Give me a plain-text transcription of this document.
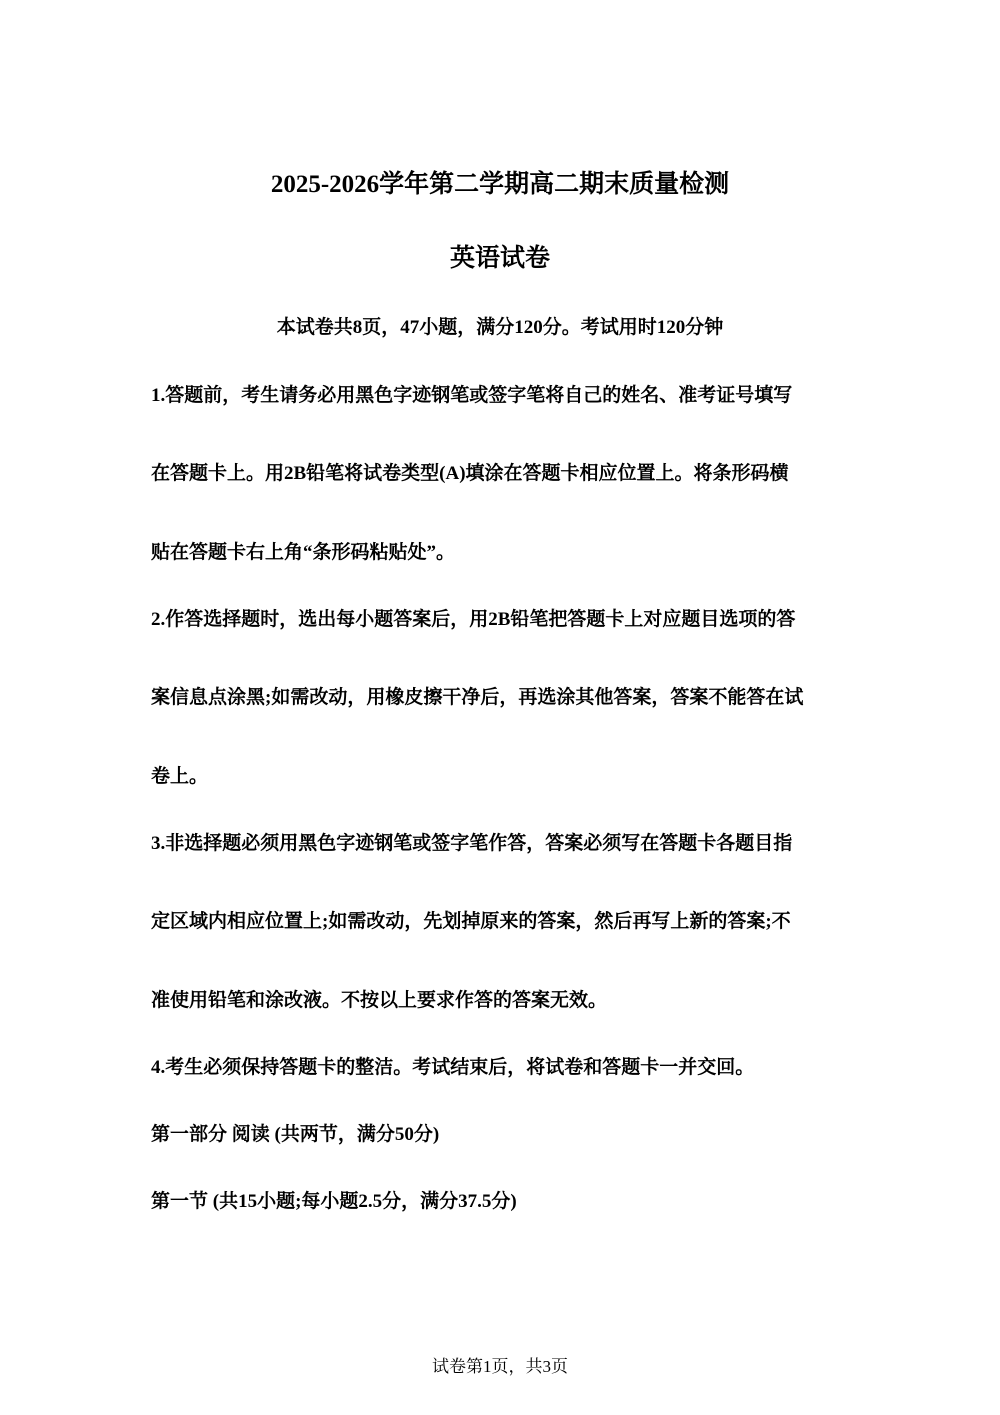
2025-2026学年第二学期高二期末质量检测
英语试卷
本试卷共8页，47小题，满分120分。考试用时120分钟
1.答题前，考生请务必用黑色字迹钢笔或签字笔将自己的姓名、准考证号填写
在答题卡上。用2B铅笔将试卷类型(A)填涂在答题卡相应位置上。将条形码横
贴在答题卡右上角“条形码粘贴处”。
2.作答选择题时，选出每小题答案后，用2B铅笔把答题卡上对应题目选项的答
案信息点涂黑;如需改动，用橡皮擦干净后，再选涂其他答案，答案不能答在试
卷上。
3.非选择题必须用黑色字迹钢笔或签字笔作答，答案必须写在答题卡各题目指
定区域内相应位置上;如需改动，先划掉原来的答案，然后再写上新的答案;不
准使用铅笔和涂改液。不按以上要求作答的答案无效。
4.考生必须保持答题卡的整洁。考试结束后，将试卷和答题卡一并交回。
第一部分 阅读 (共两节，满分50分)
第一节 (共15小题;每小题2.5分，满分37.5分)
试卷第1页，共3页
